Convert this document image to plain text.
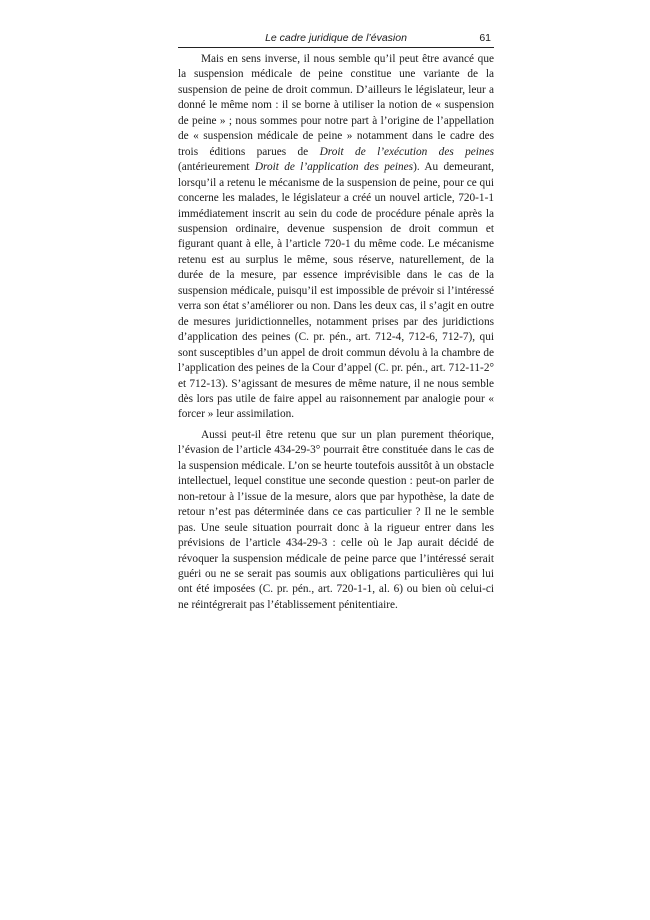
Le cadre juridique de l’évasion	61

Mais en sens inverse, il nous semble qu’il peut être avancé que la suspension médicale de peine constitue une variante de la suspension de peine de droit commun. D’ailleurs le législateur, leur a donné le même nom : il se borne à utiliser la notion de « suspension de peine » ; nous sommes pour notre part à l’origine de l’appellation de « suspension médicale de peine » notamment dans le cadre des trois éditions parues de Droit de l’exécution des peines (antérieurement Droit de l’application des peines). Au demeurant, lorsqu’il a retenu le mécanisme de la suspension de peine, pour ce qui concerne les malades, le législateur a créé un nouvel article, 720-1-1 immédiatement inscrit au sein du code de procédure pénale après la suspension ordinaire, devenue suspension de droit commun et figurant quant à elle, à l’article 720-1 du même code. Le mécanisme retenu est au surplus le même, sous réserve, naturellement, de la durée de la mesure, par essence imprévisible dans le cas de la suspension médicale, puisqu’il est impossible de prévoir si l’intéressé verra son état s’améliorer ou non. Dans les deux cas, il s’agit en outre de mesures juridictionnelles, notamment prises par des juridictions d’application des peines (C. pr. pén., art. 712-4, 712-6, 712-7), qui sont susceptibles d’un appel de droit commun dévolu à la chambre de l’application des peines de la Cour d’appel (C. pr. pén., art. 712-11-2° et 712-13). S’agissant de mesures de même nature, il ne nous semble dès lors pas utile de faire appel au raisonnement par analogie pour « forcer » leur assimilation.

Aussi peut-il être retenu que sur un plan purement théorique, l’évasion de l’article 434-29-3° pourrait être constituée dans le cas de la suspension médicale. L’on se heurte toutefois aussitôt à un obstacle intellectuel, lequel constitue une seconde question : peut-on parler de non-retour à l’issue de la mesure, alors que par hypothèse, la date de retour n’est pas déterminée dans ce cas particulier ? Il ne le semble pas. Une seule situation pourrait donc à la rigueur entrer dans les prévisions de l’article 434-29-3 : celle où le Jap aurait décidé de révoquer la suspension médicale de peine parce que l’intéressé serait guéri ou ne se serait pas soumis aux obligations particulières qui lui ont été imposées (C. pr. pén., art. 720-1-1, al. 6) ou bien où celui-ci ne réintégrerait pas l’établissement pénitentiaire.
